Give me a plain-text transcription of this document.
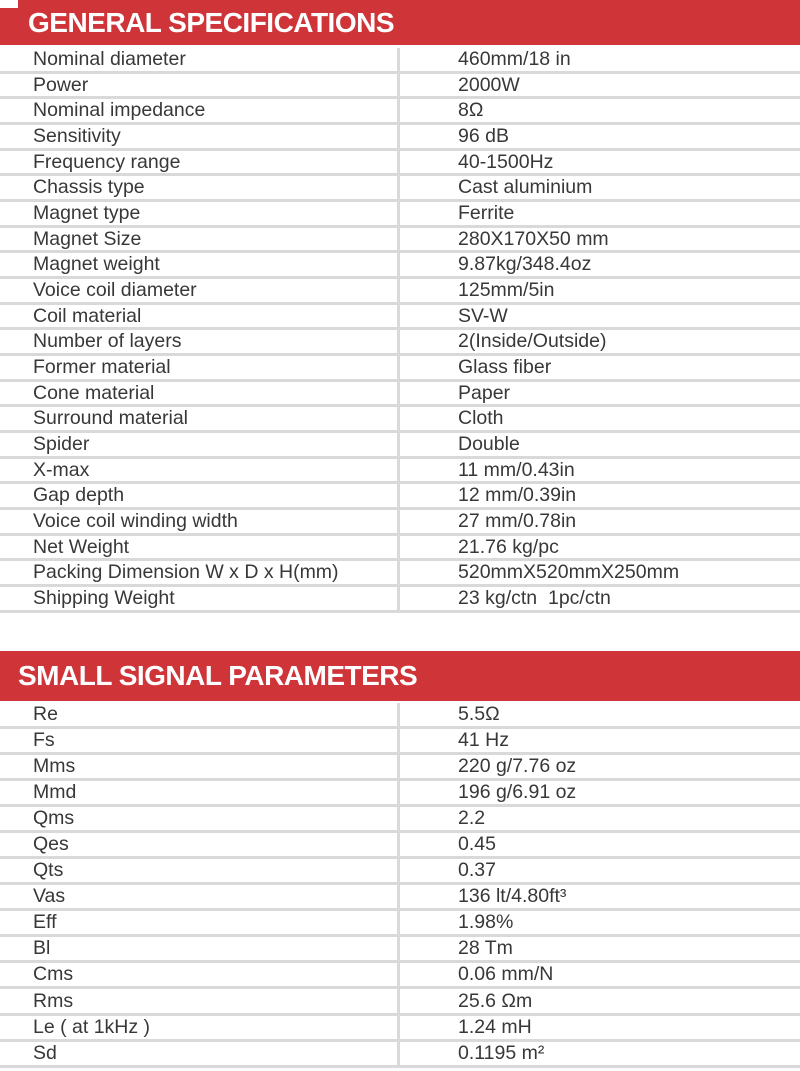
GENERAL SPECIFICATIONS
Nominal diameter	460mm/18 in
Power	2000W
Nominal impedance	8Ω
Sensitivity	96 dB
Frequency range	40-1500Hz
Chassis type	Cast aluminium
Magnet type	Ferrite
Magnet Size	280X170X50 mm
Magnet weight	9.87kg/348.4oz
Voice coil diameter	125mm/5in
Coil material	SV-W
Number of layers	2(Inside/Outside)
Former material	Glass fiber
Cone material	Paper
Surround material	Cloth
Spider	Double
X-max	11 mm/0.43in
Gap depth	12 mm/0.39in
Voice coil winding width	27 mm/0.78in
Net Weight	21.76 kg/pc
Packing Dimension W x D x H(mm)	520mmX520mmX250mm
Shipping Weight	23 kg/ctn  1pc/ctn
SMALL SIGNAL PARAMETERS
Re	5.5Ω
Fs	41 Hz
Mms	220 g/7.76 oz
Mmd	196 g/6.91 oz
Qms	2.2
Qes	0.45
Qts	0.37
Vas	136 lt/4.80ft³
Eff	1.98%
Bl	28 Tm
Cms	0.06 mm/N
Rms	25.6 Ωm
Le ( at 1kHz )	1.24 mH
Sd	0.1195 m²
